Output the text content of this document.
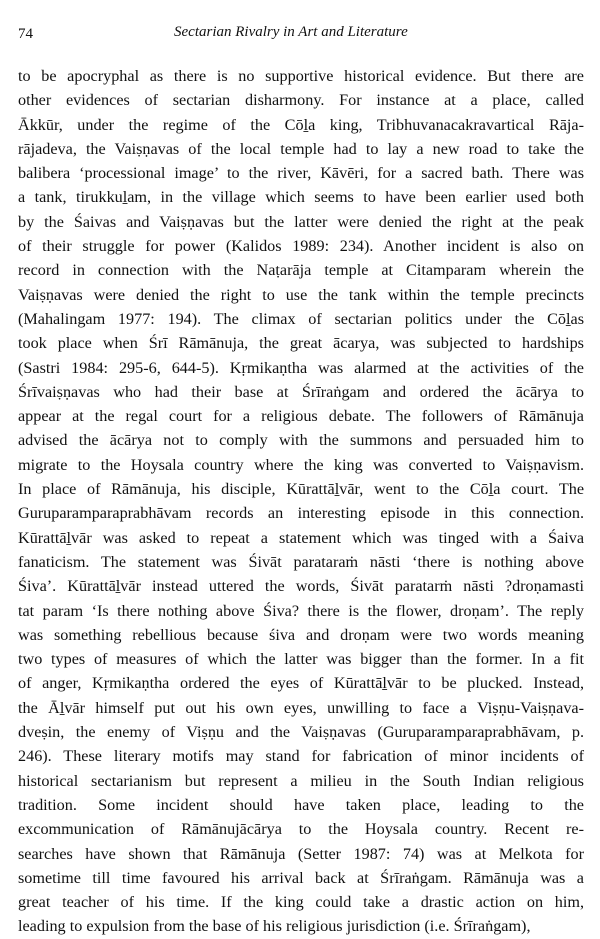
74	Sectarian Rivalry in Art and Literature
to be apocryphal as there is no supportive historical evidence. But there are
other evidences of sectarian disharmony. For instance at a place, called
Ākkūr, under the regime of the Cōḻa king, Tribhuvanacakravartical Rāja-
rājadeva, the Vaiṣṇavas of the local temple had to lay a new road to take the
balibera ‘processional image’ to the river, Kāvēri, for a sacred bath. There was
a tank, tirukkuḻam, in the village which seems to have been earlier used both
by the Śaivas and Vaiṣṇavas but the latter were denied the right at the peak
of their struggle for power (Kalidos 1989: 234). Another incident is also on
record in connection with the Naṭarāja temple at Citamparam wherein the
Vaiṣṇavas were denied the right to use the tank within the temple precincts
(Mahalingam 1977: 194). The climax of sectarian politics under the Cōḻas
took place when Śrī Rāmānuja, the great ācarya, was subjected to hardships
(Sastri 1984: 295-6, 644-5). Kṛmikaṇtha was alarmed at the activities of the
Śrīvaiṣṇavas who had their base at Śrīraṅgam and ordered the ācārya to
appear at the regal court for a religious debate. The followers of Rāmānuja
advised the ācārya not to comply with the summons and persuaded him to
migrate to the Hoysala country where the king was converted to Vaiṣṇavism.
In place of Rāmānuja, his disciple, Kūrattāḻvār, went to the Cōḻa court. The
Guruparamparaprabhāvam records an interesting episode in this connection.
Kūrattāḻvār was asked to repeat a statement which was tinged with a Śaiva
fanaticism. The statement was Śivāt parataraṁ nāsti ‘there is nothing above
Śiva’. Kūrattāḻvār instead uttered the words, Śivāt paratarṁ nāsti ?droṇamasti
tat param ‘Is there nothing above Śiva? there is the flower, droṇam’. The reply
was something rebellious because śiva and droṇam were two words meaning
two types of measures of which the latter was bigger than the former. In a fit
of anger, Kṛmikaṇtha ordered the eyes of Kūrattāḻvār to be plucked. Instead,
the Āḻvār himself put out his own eyes, unwilling to face a Viṣṇu-Vaiṣṇava-
dveṣin, the enemy of Viṣṇu and the Vaiṣṇavas (Guruparamparaprabhāvam, p.
246). These literary motifs may stand for fabrication of minor incidents of
historical sectarianism but represent a milieu in the South Indian religious
tradition. Some incident should have taken place, leading to the
excommunication of Rāmānujācārya to the Hoysala country. Recent re-
searches have shown that Rāmānuja (Setter 1987: 74) was at Melkota for
sometime till time favoured his arrival back at Śrīraṅgam. Rāmānuja was a
great teacher of his time. If the king could take a drastic action on him,
leading to expulsion from the base of his religious jurisdiction (i.e. Śrīraṅgam),
